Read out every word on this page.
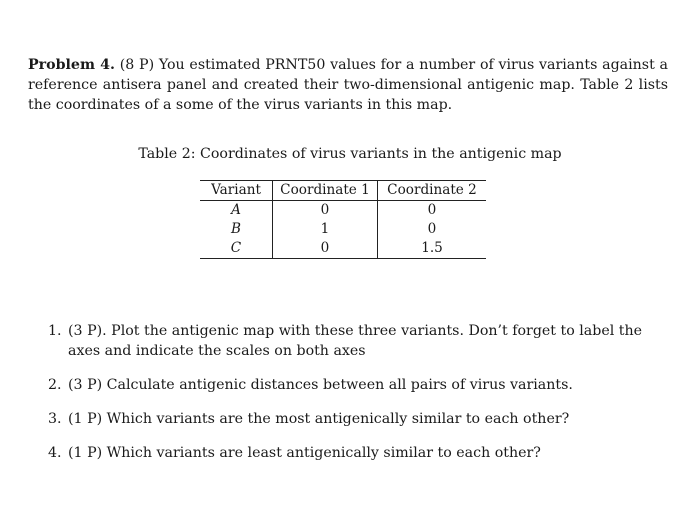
Problem 4. (8 P) You estimated PRNT50 values for a number of virus variants against a reference antisera panel and created their two-dimensional antigenic map. Table 2 lists the coordinates of a some of the virus variants in this map.

Table 2: Coordinates of virus variants in the antigenic map
Variant	Coordinate 1	Coordinate 2
A	0	0
B	1	0
C	0	1.5
1. (3 P). Plot the antigenic map with these three variants. Don’t forget to label the axes and indicate the scales on both axes
2. (3 P) Calculate antigenic distances between all pairs of virus variants.
3. (1 P) Which variants are the most antigenically similar to each other?
4. (1 P) Which variants are least antigenically similar to each other?
